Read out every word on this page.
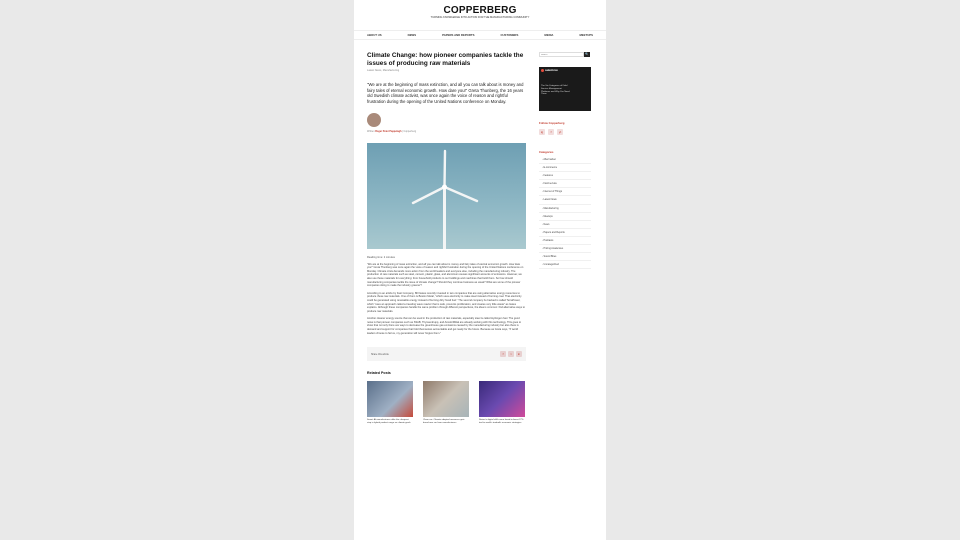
COPPERBERG
TURNING KNOWLEDGE INTO ACTION FOR THE MANUFACTURING COMMUNITY
ABOUT US	NEWS	PAPERS AND REPORTS	CUSTOMERS	MEDIA	MEETUPS
Climate Change: how pioneer companies tackle the issues of producing raw materials
Latest News, Manufacturing

"We are at the beginning of mass extinction, and all you can talk about is money and fairy tales of eternal economic growth. How dare you!" Greta Thunberg, the 16 years old Swedish climate activist, was once again the voice of reason and rightful frustration during the opening of the United Nations conference on Monday.

Written Roger Peter Pappelagh | Copperberg
Reading time: 2 minutes

"We are at the beginning of mass extinction, and all you can talk about is money and fairy tales of eternal economic growth. How dare you!" Greta Thunberg was once again the voice of reason and rightful frustration during the opening of the United Nations conference on Monday. Climate crisis demands more action from the world leaders and everyone else, including the manufacturing industry. The production of raw materials such as steel, cement, plastic, glass, and aluminium causes significant amounts of emissions. However, we also use these materials for everything: from household products to our buildings and machines that build them. So how should manufacturing companies tackle the issue of climate change? Should they continue business as usual? What are some of the pioneer companies doing to make the industry greener?

According to an article by Fast Company, Bill Gates recently invested in two companies that are using alternative energy resources to produce these raw materials. One of them is Boston Metal, "which uses electricity to make steel instead of burning coal. That electricity could be generated using renewable energy instead of burning dirty fossil fuel." The second company he backed is called TerraPower, which "uses an approach called a traveling wave reactor that is safe, prevents proliferation, and creates very little waste" as Gates explains. Although these companies handle the same problem through different perspectives, the idea is common: find alternative ways to produce raw materials.

Another cleaner energy source that can be used in the production of raw materials, especially steel is called Hydrogen fuel. The good news is that pioneer companies such as SSAB, Thyssenkrupp, and ArcelorMittal are already working with this technology. This goes to show that not only there are ways to decrease the greenhouse gas emissions caused by the manufacturing industry but also there is demand and support for companies that hold themselves accountable and get ready for the future. Because as Greta says, "If world leaders choose to fail us, my generation will never forgive them."

Share this article	f	t	in
Related Posts
Smart: AI manufacturers offer the cheapest step in hybrid product range on climate goals
Clean car: Climate adapted resources gets brand new car from manufacturers
Nature's digital skills were found to boost 27% tied to world's tradeoffs economic strategies
Search
🔍
salesforce
The Six Categories of Field Service Management Platforms and Why You Need Them
Follow Copperberg
ig	f	yt
Categories
› Aftermarket
› E-commerce
› Features
› Field service
› Internet of Things
› Latest News
› Manufacturing
› Meetups
› News
› Papers and Reports
› Podcasts
› Pricing Academies
› Sound Bites
› Uncategorized
